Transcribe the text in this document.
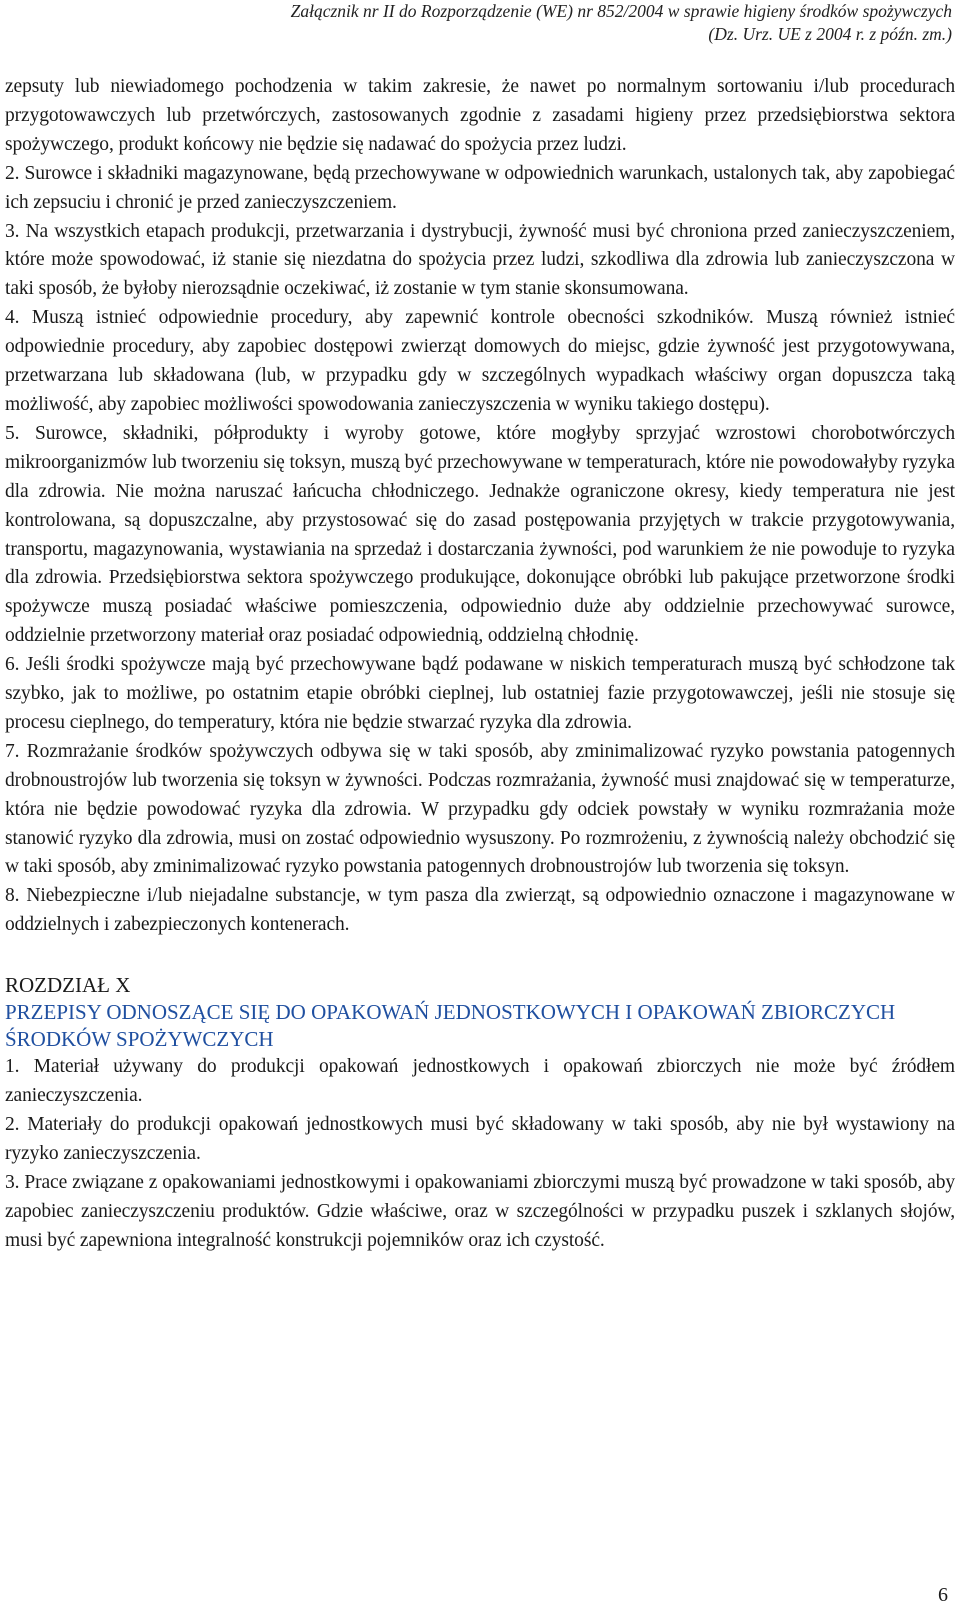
Załącznik nr II do Rozporządzenie (WE) nr 852/2004 w sprawie higieny środków spożywczych
(Dz. Urz. UE z 2004 r. z późn. zm.)

zepsuty lub niewiadomego pochodzenia w takim zakresie, że nawet po normalnym sortowaniu i/lub procedurach przygotowawczych lub przetwórczych, zastosowanych zgodnie z zasadami higieny przez przedsiębiorstwa sektora spożywczego, produkt końcowy nie będzie się nadawać do spożycia przez ludzi.

2. Surowce i składniki magazynowane, będą przechowywane w odpowiednich warunkach, ustalonych tak, aby zapobiegać ich zepsuciu i chronić je przed zanieczyszczeniem.

3. Na wszystkich etapach produkcji, przetwarzania i dystrybucji, żywność musi być chroniona przed zanieczyszczeniem, które może spowodować, iż stanie się niezdatna do spożycia przez ludzi, szkodliwa dla zdrowia lub zanieczyszczona w taki sposób, że byłoby nierozsądnie oczekiwać, iż zostanie w tym stanie skonsumowana.

4. Muszą istnieć odpowiednie procedury, aby zapewnić kontrole obecności szkodników. Muszą również istnieć odpowiednie procedury, aby zapobiec dostępowi zwierząt domowych do miejsc, gdzie żywność jest przygotowywana, przetwarzana lub składowana (lub, w przypadku gdy w szczególnych wypadkach właściwy organ dopuszcza taką możliwość, aby zapobiec możliwości spowodowania zanieczyszczenia w wyniku takiego dostępu).

5. Surowce, składniki, półprodukty i wyroby gotowe, które mogłyby sprzyjać wzrostowi chorobotwórczych mikroorganizmów lub tworzeniu się toksyn, muszą być przechowywane w temperaturach, które nie powodowałyby ryzyka dla zdrowia. Nie można naruszać łańcucha chłodniczego. Jednakże ograniczone okresy, kiedy temperatura nie jest kontrolowana, są dopuszczalne, aby przystosować się do zasad postępowania przyjętych w trakcie przygotowywania, transportu, magazynowania, wystawiania na sprzedaż i dostarczania żywności, pod warunkiem że nie powoduje to ryzyka dla zdrowia. Przedsiębiorstwa sektora spożywczego produkujące, dokonujące obróbki lub pakujące przetworzone środki spożywcze muszą posiadać właściwe pomieszczenia, odpowiednio duże aby oddzielnie przechowywać surowce, oddzielnie przetworzony materiał oraz posiadać odpowiednią, oddzielną chłodnię.

6. Jeśli środki spożywcze mają być przechowywane bądź podawane w niskich temperaturach muszą być schłodzone tak szybko, jak to możliwe, po ostatnim etapie obróbki cieplnej, lub ostatniej fazie przygotowawczej, jeśli nie stosuje się procesu cieplnego, do temperatury, która nie będzie stwarzać ryzyka dla zdrowia.

7. Rozmrażanie środków spożywczych odbywa się w taki sposób, aby zminimalizować ryzyko powstania patogennych drobnoustrojów lub tworzenia się toksyn w żywności. Podczas rozmrażania, żywność musi znajdować się w temperaturze, która nie będzie powodować ryzyka dla zdrowia. W przypadku gdy odciek powstały w wyniku rozmrażania może stanowić ryzyko dla zdrowia, musi on zostać odpowiednio wysuszony. Po rozmrożeniu, z żywnością należy obchodzić się w taki sposób, aby zminimalizować ryzyko powstania patogennych drobnoustrojów lub tworzenia się toksyn.

8. Niebezpieczne i/lub niejadalne substancje, w tym pasza dla zwierząt, są odpowiednio oznaczone i magazynowane w oddzielnych i zabezpieczonych kontenerach.

ROZDZIAŁ X

PRZEPISY ODNOSZĄCE SIĘ DO OPAKOWAŃ JEDNOSTKOWYCH I OPAKOWAŃ ZBIORCZYCH ŚRODKÓW SPOŻYWCZYCH

1. Materiał używany do produkcji opakowań jednostkowych i opakowań zbiorczych nie może być źródłem zanieczyszczenia.

2. Materiały do produkcji opakowań jednostkowych musi być składowany w taki sposób, aby nie był wystawiony na ryzyko zanieczyszczenia.

3. Prace związane z opakowaniami jednostkowymi i opakowaniami zbiorczymi muszą być prowadzone w taki sposób, aby zapobiec zanieczyszczeniu produktów. Gdzie właściwe, oraz w szczególności w przypadku puszek i szklanych słojów, musi być zapewniona integralność konstrukcji pojemników oraz ich czystość.

6
